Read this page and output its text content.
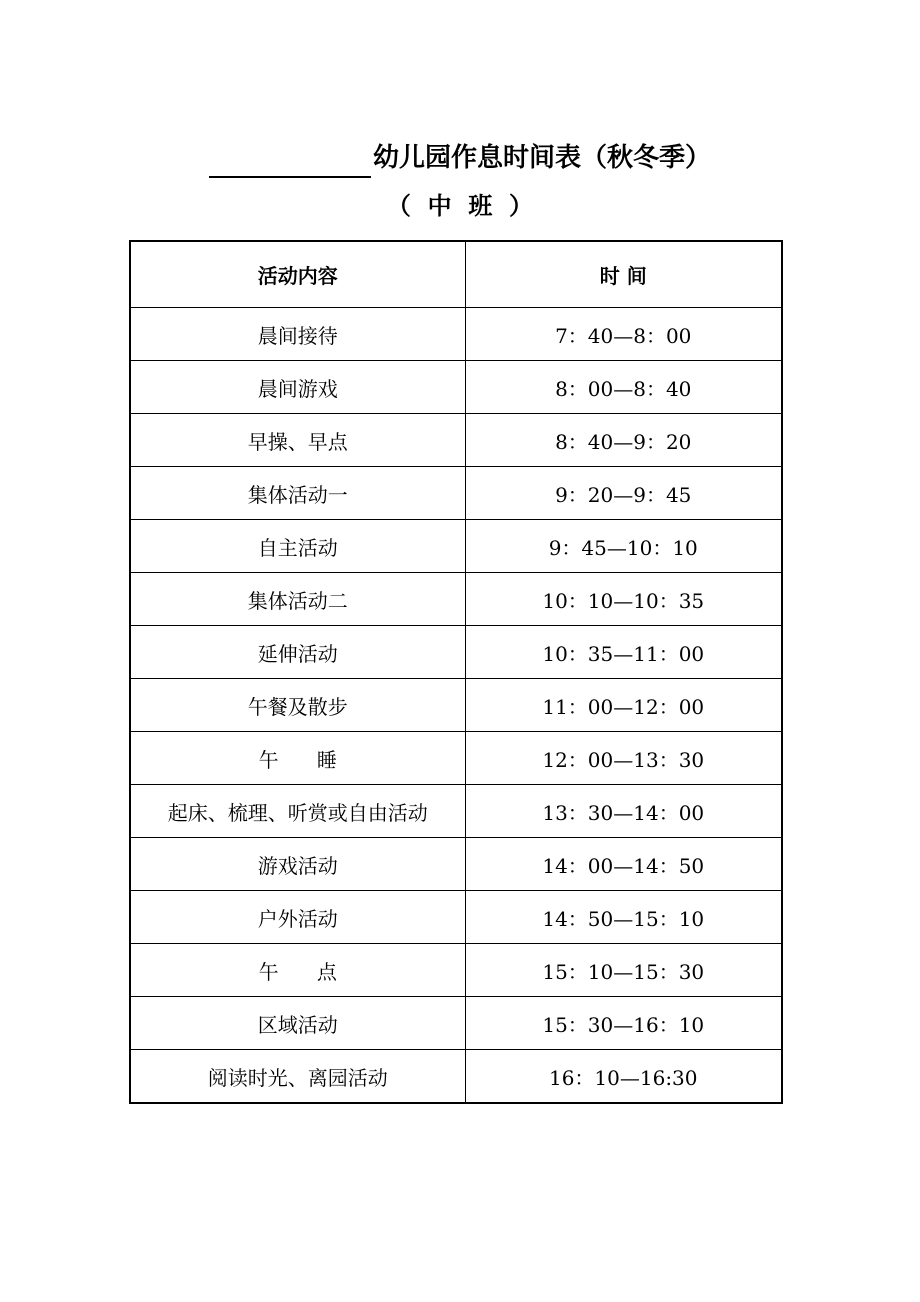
幼儿园作息时间表（秋冬季）
（  中  班  ）
活动内容	时 间
晨间接待	7：40—8：00
晨间游戏	8：00—8：40
早操、早点	8：40—9：20
集体活动一	9：20—9：45
自主活动	9：45—10：10
集体活动二	10：10—10：35
延伸活动	10：35—11：00
午餐及散步	11：00—12：00
午      睡	12：00—13：30
起床、梳理、听赏或自由活动	13：30—14：00
游戏活动	14：00—14：50
户外活动	14：50—15：10
午      点	15：10—15：30
区域活动	15：30—16：10
阅读时光、离园活动	16：10—16:30
